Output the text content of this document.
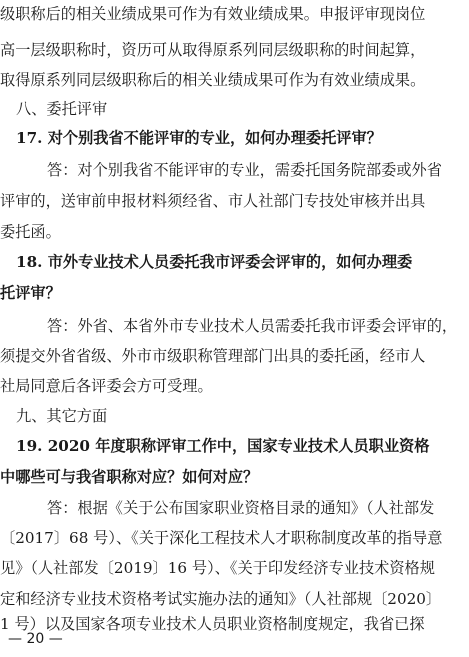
级职称后的相关业绩成果可作为有效业绩成果。申报评审现岗位
高一层级职称时，资历可从取得原系列同层级职称的时间起算，
取得原系列同层级职称后的相关业绩成果可作为有效业绩成果。
八、委托评审
17. 对个别我省不能评审的专业，如何办理委托评审？
答：对个别我省不能评审的专业，需委托国务院部委或外省
评审的，送审前申报材料须经省、市人社部门专技处审核并出具
委托函。
18. 市外专业技术人员委托我市评委会评审的，如何办理委
托评审？
答：外省、本省外市专业技术人员需委托我市评委会评审的，
须提交外省省级、外市市级职称管理部门出具的委托函，经市人
社局同意后各评委会方可受理。
九、其它方面
19. 2020 年度职称评审工作中，国家专业技术人员职业资格
中哪些可与我省职称对应？如何对应？
答：根据《关于公布国家职业资格目录的通知》（人社部发
〔2017〕68 号）、《关于深化工程技术人才职称制度改革的指导意
见》（人社部发〔2019〕16 号）、《关于印发经济专业技术资格规
定和经济专业技术资格考试实施办法的通知》（人社部规〔2020〕
1 号）以及国家各项专业技术人员职业资格制度规定，我省已探
— 20 —
